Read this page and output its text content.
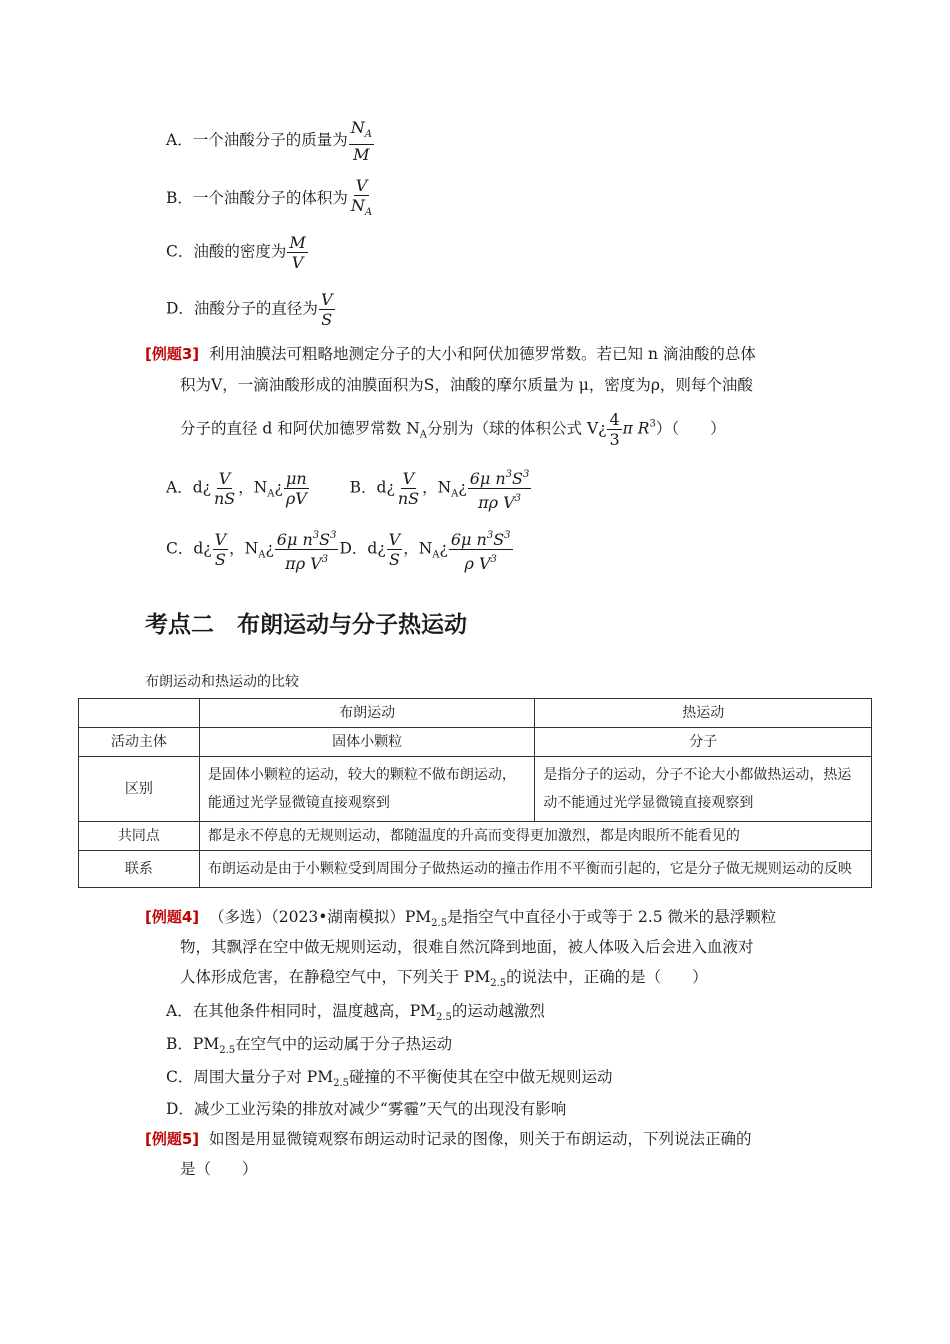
A．一个油酸分子的质量为 $\frac{N_A}{M}$
B．一个油酸分子的体积为 $\frac{V}{N_A}$
C．油酸的密度为 $\frac{M}{V}$
D．油酸分子的直径为 $\frac{V}{S}$
[例题3] 利用油膜法可粗略地测定分子的大小和阿伏加德罗常数。若已知 n 滴油酸的总体
积为V，一滴油酸形成的油膜面积为S，油酸的摩尔质量为 μ，密度为ρ，则每个油酸
分子的直径 d 和阿伏加德罗常数 $N_A$分别为（球的体积公式 V¿ $\frac{4}{3}$ π $R^3$）（　　）
A．d¿ $\frac{V}{nS}$ ，$N_A¿ \frac{\mu n}{\rho V}$	B．d¿ $\frac{V}{nS}$ ，$N_A¿ \frac{6\mu n^3S^3}{\pi\rho V^3}$
C．d¿ $\frac{V}{S}$ ，$N_A¿ \frac{6\mu n^3S^3}{\pi\rho V^3}$ D．d¿ $\frac{V}{S}$ ，$N_A¿ \frac{6\mu n^3S^3}{\rho V^3}$
考点二　布朗运动与分子热运动
布朗运动和热运动的比较
	布朗运动	热运动
活动主体	固体小颗粒	分子
区别	是固体小颗粒的运动，较大的颗粒不做布朗运动，能通过光学显微镜直接观察到	是指分子的运动，分子不论大小都做热运动，热运动不能通过光学显微镜直接观察到
共同点	都是永不停息的无规则运动，都随温度的升高而变得更加激烈，都是肉眼所不能看见的	
联系	布朗运动是由于小颗粒受到周围分子做热运动的撞击作用不平衡而引起的，它是分子做无规则运动的反映	
[例题4] （多选）（2023•湖南模拟）$PM_{2.5}$是指空气中直径小于或等于 2.5 微米的悬浮颗粒
物，其飘浮在空中做无规则运动，很难自然沉降到地面，被人体吸入后会进入血液对
人体形成危害，在静稳空气中，下列关于 $PM_{2.5}$的说法中，正确的是（　　）
A．在其他条件相同时，温度越高，$PM_{2.5}$的运动越激烈
B．$PM_{2.5}$在空气中的运动属于分子热运动
C．周围大量分子对 $PM_{2.5}$碰撞的不平衡使其在空中做无规则运动
D．减少工业污染的排放对减少“雾霾”天气的出现没有影响
[例题5] 如图是用显微镜观察布朗运动时记录的图像，则关于布朗运动，下列说法正确的
是（　　）
